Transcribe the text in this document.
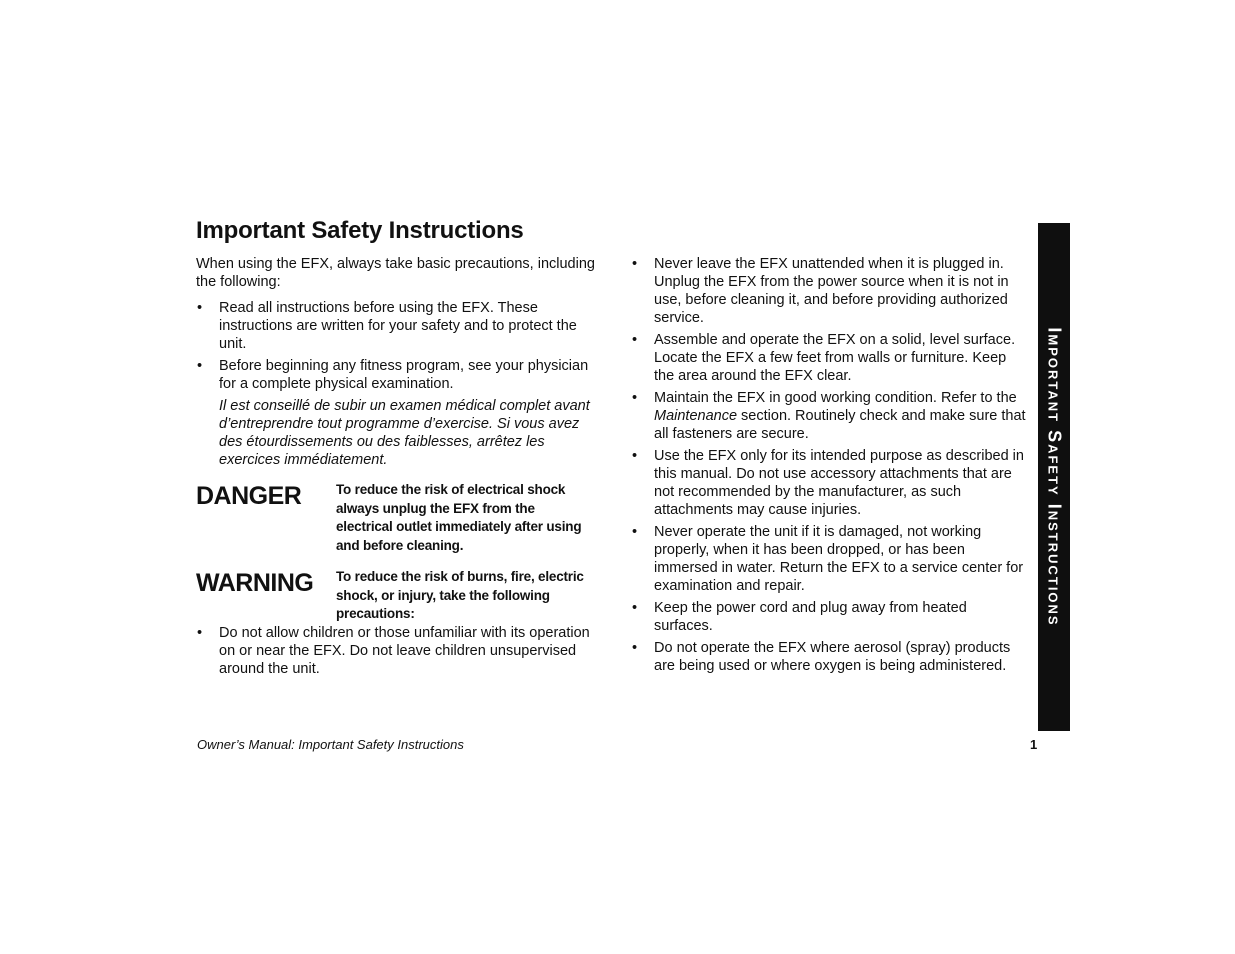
Important Safety Instructions

When using the EFX, always take basic precautions, including the following:

• Read all instructions before using the EFX. These instructions are written for your safety and to protect the unit.
• Before beginning any fitness program, see your physician for a complete physical examination.

Il est conseillé de subir un examen médical complet avant d’entreprendre tout programme d’exercise. Si vous avez des étourdissements ou des faiblesses, arrêtez les exercices immédiatement.

DANGER	To reduce the risk of electrical shock always unplug the EFX from the electrical outlet immediately after using and before cleaning.
WARNING	To reduce the risk of burns, fire, electric shock, or injury, take the following precautions:
• Do not allow children or those unfamiliar with its operation on or near the EFX. Do not leave children unsupervised around the unit.
• Never leave the EFX unattended when it is plugged in. Unplug the EFX from the power source when it is not in use, before cleaning it, and before providing authorized service.
• Assemble and operate the EFX on a solid, level surface. Locate the EFX a few feet from walls or furniture. Keep the area around the EFX clear.
• Maintain the EFX in good working condition. Refer to the Maintenance section. Routinely check and make sure that all fasteners are secure.
• Use the EFX only for its intended purpose as described in this manual. Do not use accessory attachments that are not recommended by the manufacturer, as such attachments may cause injuries.
• Never operate the unit if it is damaged, not working properly, when it has been dropped, or has been immersed in water. Return the EFX to a service center for examination and repair.
• Keep the power cord and plug away from heated surfaces.
• Do not operate the EFX where aerosol (spray) products are being used or where oxygen is being administered.
Important Safety Instructions
Owner’s Manual: Important Safety Instructions	1
